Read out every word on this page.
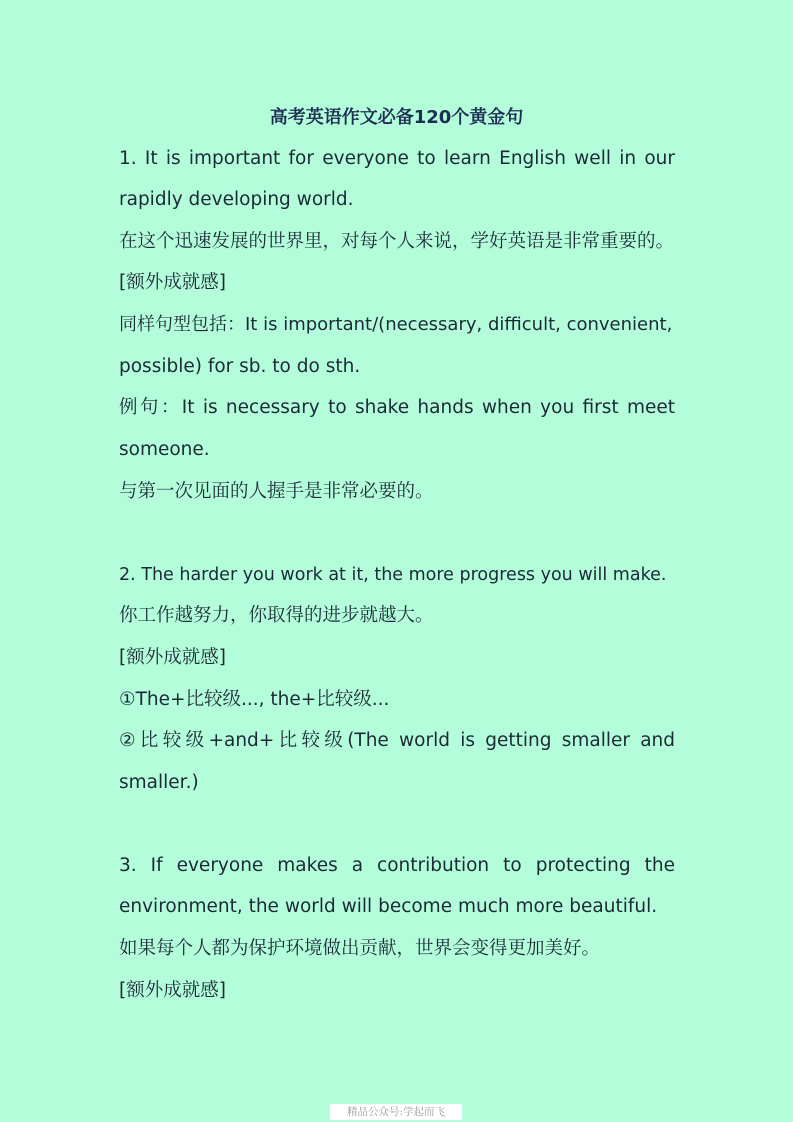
高考英语作文必备120个黄金句
1. It is important for everyone to learn English well in our
rapidly developing world.
在这个迅速发展的世界里，对每个人来说，学好英语是非常重要的。
[额外成就感]
同样句型包括：It is important/(necessary, difficult, convenient,
possible) for sb. to do sth.
例句：It is necessary to shake hands when you first meet
someone.
与第一次见面的人握手是非常必要的。
2. The harder you work at it, the more progress you will make.
你工作越努力，你取得的进步就越大。
[额外成就感]
①The+比较级..., the+比较级...
②比较级+and+比较级(The world is getting smaller and
smaller.)
3. If everyone makes a contribution to protecting the
environment, the world will become much more beautiful.
如果每个人都为保护环境做出贡献，世界会变得更加美好。
[额外成就感]
精品公众号:学起而飞
